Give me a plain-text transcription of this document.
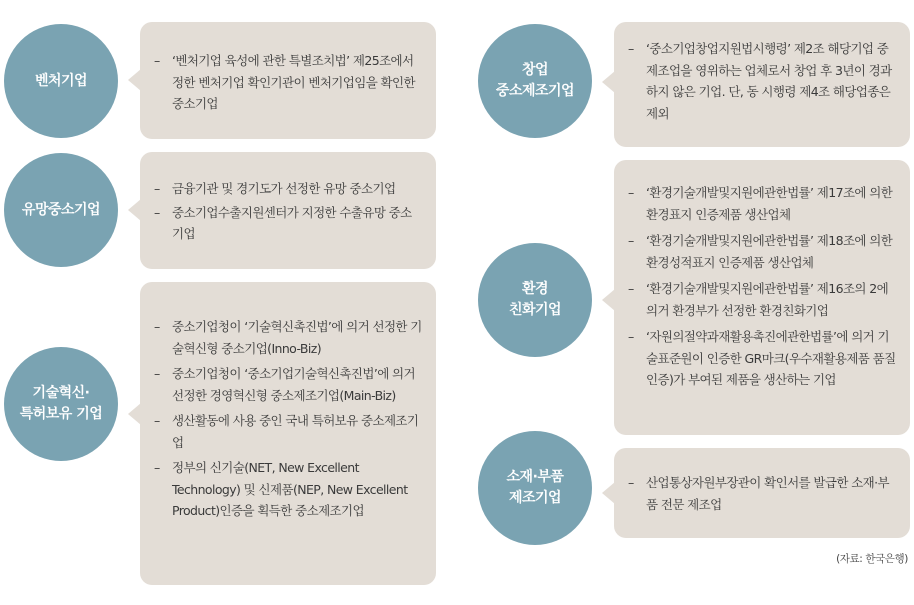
벤처기업
– ‘벤처기업 육성에 관한 특별조치법’ 제25조에서 정한 벤처기업 확인기관이 벤처기업임을 확인한 중소기업
유망중소기업
– 금융기관 및 경기도가 선정한 유망 중소기업
– 중소기업수출지원센터가 지정한 수출유망 중소기업
기술혁신·
특허보유 기업
– 중소기업청이 ‘기술혁신촉진법’에 의거 선정한 기술혁신형 중소기업(Inno-Biz)
– 중소기업청이 ‘중소기업기술혁신촉진법’에 의거 선정한 경영혁신형 중소제조기업(Main-Biz)
– 생산활동에 사용 중인 국내 특허보유 중소제조기업
– 정부의 신기술(NET, New Excellent Technology) 및 신제품(NEP, New Excellent Product)인증을 획득한 중소제조기업
창업
중소제조기업
– ‘중소기업창업지원법시행령’ 제2조 해당기업 중 제조업을 영위하는 업체로서 창업 후 3년이 경과하지 않은 기업. 단, 동 시행령 제4조 해당업종은 제외
환경
친화기업
– ‘환경기술개발및지원에관한법률’ 제17조에 의한 환경표지 인증제품 생산업체
– ‘환경기술개발및지원에관한법률’ 제18조에 의한 환경성적표지 인증제품 생산업체
– ‘환경기술개발및지원에관한법률’ 제16조의 2에 의거 환경부가 선정한 환경친화기업
– ‘자원의절약과재활용촉진에관한법률’에 의거 기술표준원이 인증한 GR마크(우수재활용제품 품질인증)가 부여된 제품을 생산하는 기업
소재·부품
제조기업
– 산업통상자원부장관이 확인서를 발급한 소재·부품 전문 제조업
(자료: 한국은행)
